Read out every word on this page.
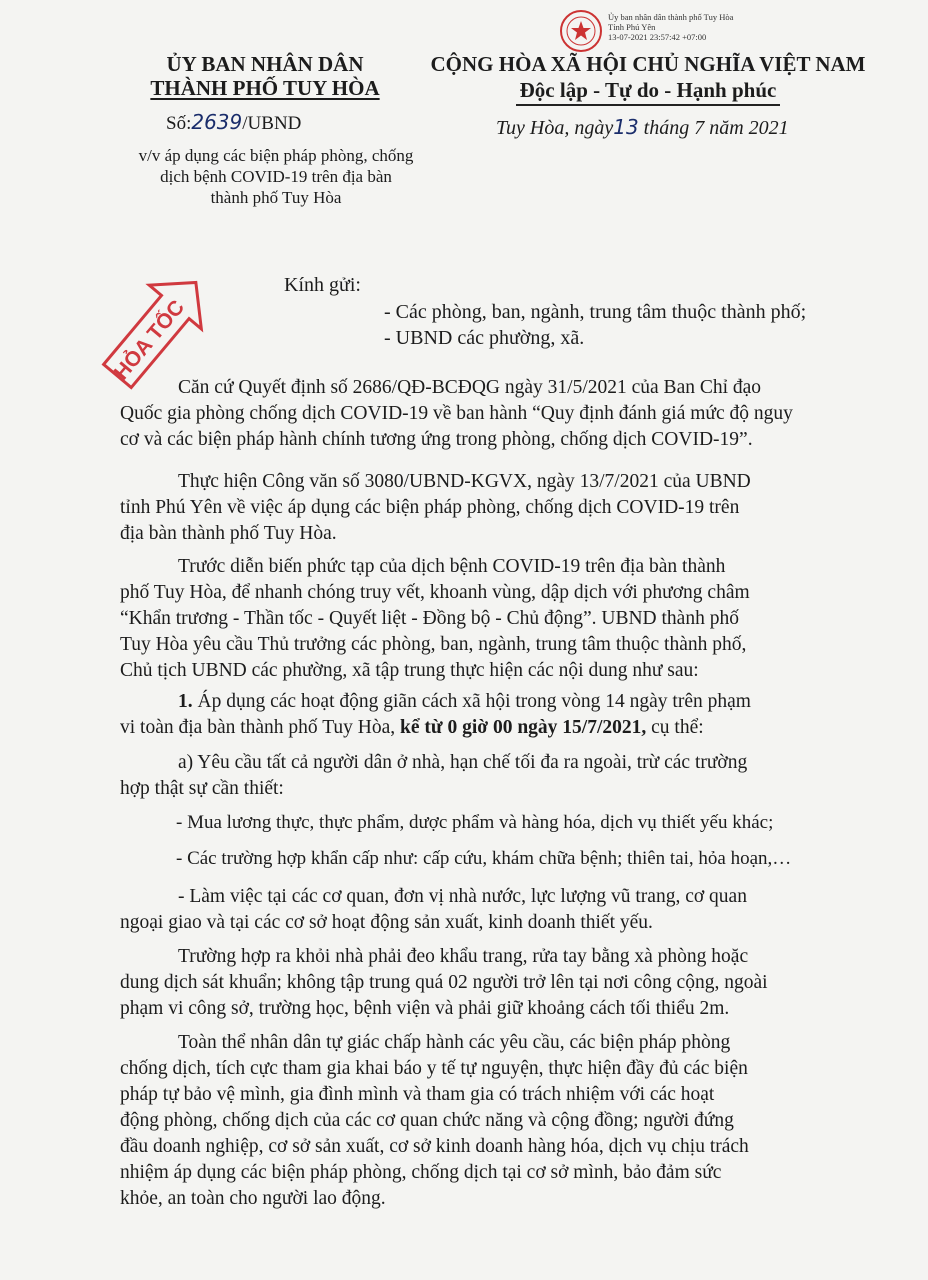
Ủy ban nhân dân thành phố Tuy Hòa
Tỉnh Phú Yên
13-07-2021 23:57:42 +07:00
ỦY BAN NHÂN DÂN
THÀNH PHỐ TUY HÒA
CỘNG HÒA XÃ HỘI CHỦ NGHĨA VIỆT NAM
Độc lập - Tự do - Hạnh phúc
Số:2639/UBND
v/v áp dụng các biện pháp phòng, chống
dịch bệnh COVID-19 trên địa bàn
thành phố Tuy Hòa
Tuy Hòa, ngày13 tháng 7 năm 2021
HỎA TỐC
Kính gửi:
- Các phòng, ban, ngành, trung tâm thuộc thành phố;
- UBND các phường, xã.
Căn cứ Quyết định số 2686/QĐ-BCĐQG ngày 31/5/2021 của Ban Chỉ đạo
Quốc gia phòng chống dịch COVID-19 về ban hành “Quy định đánh giá mức độ nguy
cơ và các biện pháp hành chính tương ứng trong phòng, chống dịch COVID-19”.
Thực hiện Công văn số 3080/UBND-KGVX, ngày 13/7/2021 của UBND
tỉnh Phú Yên về việc áp dụng các biện pháp phòng, chống dịch COVID-19 trên
địa bàn thành phố Tuy Hòa.
Trước diễn biến phức tạp của dịch bệnh COVID-19 trên địa bàn thành
phố Tuy Hòa, để nhanh chóng truy vết, khoanh vùng, dập dịch với phương châm
“Khẩn trương - Thần tốc - Quyết liệt - Đồng bộ - Chủ động”. UBND thành phố
Tuy Hòa yêu cầu Thủ trưởng các phòng, ban, ngành, trung tâm thuộc thành phố,
Chủ tịch UBND các phường, xã tập trung thực hiện các nội dung như sau:
1. Áp dụng các hoạt động giãn cách xã hội trong vòng 14 ngày trên phạm
vi toàn địa bàn thành phố Tuy Hòa, kể từ 0 giờ 00 ngày 15/7/2021, cụ thể:
a) Yêu cầu tất cả người dân ở nhà, hạn chế tối đa ra ngoài, trừ các trường
hợp thật sự cần thiết:
- Mua lương thực, thực phẩm, dược phẩm và hàng hóa, dịch vụ thiết yếu khác;
- Các trường hợp khẩn cấp như: cấp cứu, khám chữa bệnh; thiên tai, hỏa hoạn,…
- Làm việc tại các cơ quan, đơn vị nhà nước, lực lượng vũ trang, cơ quan
ngoại giao và tại các cơ sở hoạt động sản xuất, kinh doanh thiết yếu.
Trường hợp ra khỏi nhà phải đeo khẩu trang, rửa tay bằng xà phòng hoặc
dung dịch sát khuẩn; không tập trung quá 02 người trở lên tại nơi công cộng, ngoài
phạm vi công sở, trường học, bệnh viện và phải giữ khoảng cách tối thiểu 2m.
Toàn thể nhân dân tự giác chấp hành các yêu cầu, các biện pháp phòng
chống dịch, tích cực tham gia khai báo y tế tự nguyện, thực hiện đầy đủ các biện
pháp tự bảo vệ mình, gia đình mình và tham gia có trách nhiệm với các hoạt
động phòng, chống dịch của các cơ quan chức năng và cộng đồng; người đứng
đầu doanh nghiệp, cơ sở sản xuất, cơ sở kinh doanh hàng hóa, dịch vụ chịu trách
nhiệm áp dụng các biện pháp phòng, chống dịch tại cơ sở mình, bảo đảm sức
khỏe, an toàn cho người lao động.
